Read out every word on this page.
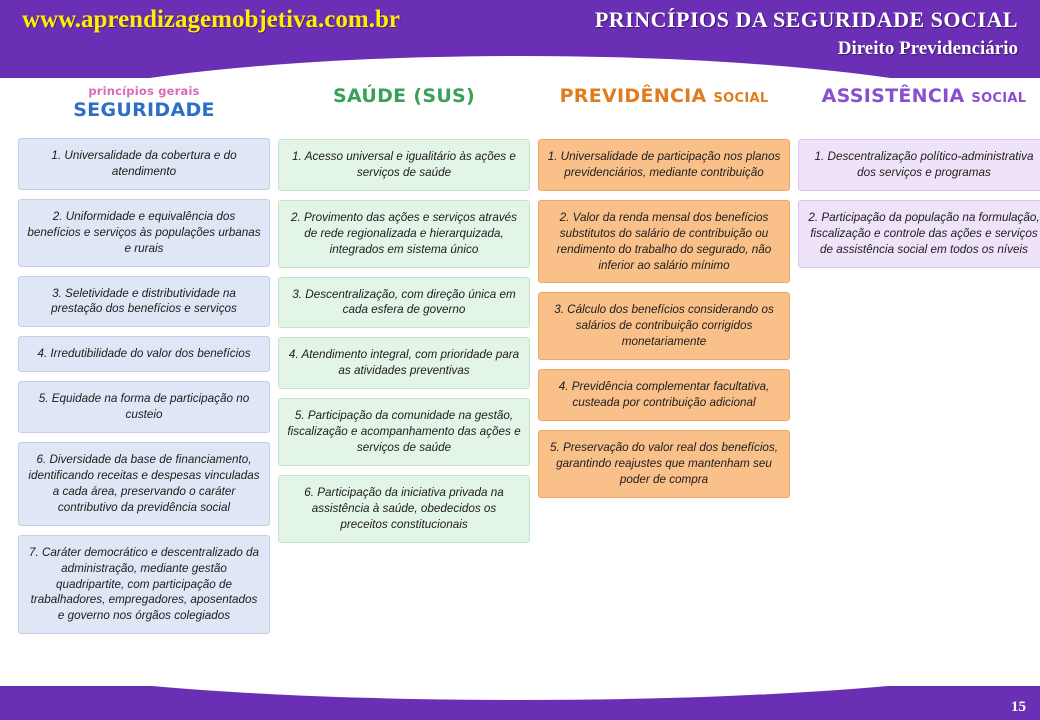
www.aprendizagemobjetiva.com.br	PRINCÍPIOS DA SEGURIDADE SOCIAL
Direito Previdenciário
princípios gerais
SEGURIDADE
1. Universalidade da cobertura e do atendimento
2. Uniformidade e equivalência dos benefícios e serviços às populações urbanas e rurais
3. Seletividade e distributividade na prestação dos benefícios e serviços
4. Irredutibilidade do valor dos benefícios
5. Equidade na forma de participação no custeio
6. Diversidade da base de financiamento, identificando receitas e despesas vinculadas a cada área, preservando o caráter contributivo da previdência social
7. Caráter democrático e descentralizado da administração, mediante gestão quadripartite, com participação de trabalhadores, empregadores, aposentados e governo nos órgãos colegiados
SAÚDE (SUS)
1. Acesso universal e igualitário às ações e serviços de saúde
2. Provimento das ações e serviços através de rede regionalizada e hierarquizada, integrados em sistema único
3. Descentralização, com direção única em cada esfera de governo
4. Atendimento integral, com prioridade para as atividades preventivas
5. Participação da comunidade na gestão, fiscalização e acompanhamento das ações e serviços de saúde
6. Participação da iniciativa privada na assistência à saúde, obedecidos os preceitos constitucionais
PREVIDÊNCIA SOCIAL
1. Universalidade de participação nos planos previdenciários, mediante contribuição
2. Valor da renda mensal dos benefícios substitutos do salário de contribuição ou rendimento do trabalho do segurado, não inferior ao salário mínimo
3. Cálculo dos benefícios considerando os salários de contribuição corrigidos monetariamente
4. Previdência complementar facultativa, custeada por contribuição adicional
5. Preservação do valor real dos benefícios, garantindo reajustes que mantenham seu poder de compra
ASSISTÊNCIA SOCIAL
1. Descentralização político-administrativa dos serviços e programas
2. Participação da população na formulação, fiscalização e controle das ações e serviços de assistência social em todos os níveis
15
